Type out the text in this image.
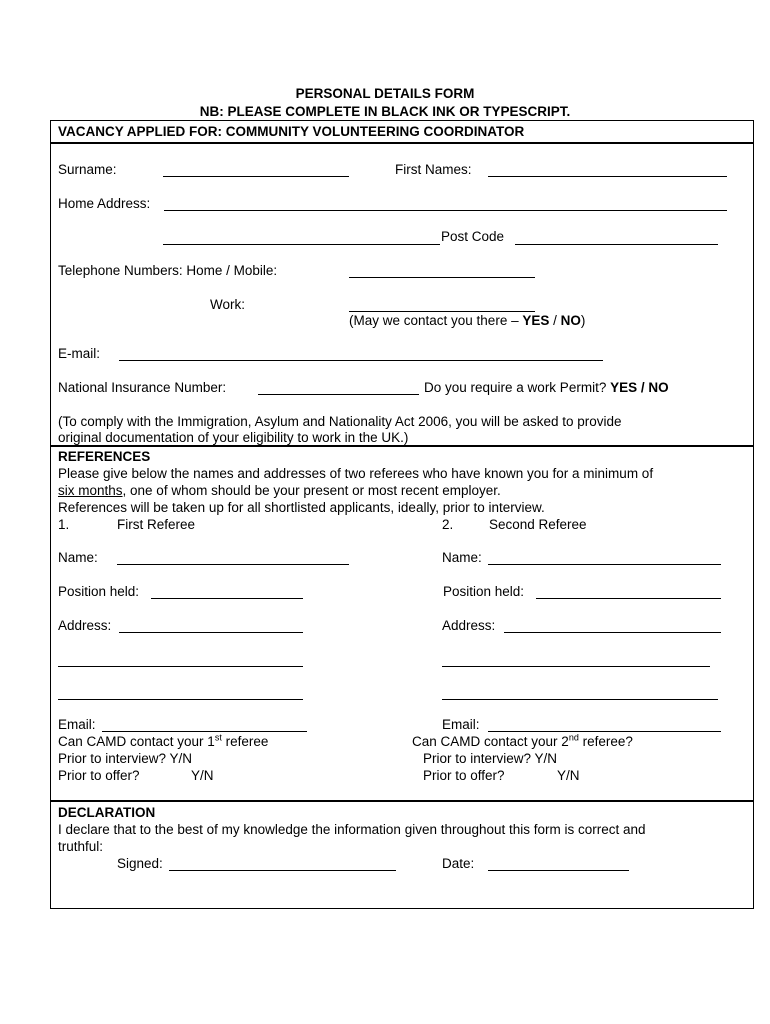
PERSONAL DETAILS FORM
NB: PLEASE COMPLETE IN BLACK INK OR TYPESCRIPT.
VACANCY APPLIED FOR: COMMUNITY VOLUNTEERING COORDINATOR
Surname:	First Names:
Home Address:
Post Code
Telephone Numbers: Home / Mobile:
Work:
(May we contact you there – YES / NO)
E-mail:
National Insurance Number:	Do you require a work Permit? YES / NO
(To comply with the Immigration, Asylum and Nationality Act 2006, you will be asked to provide
original documentation of your eligibility to work in the UK.)
REFERENCES
Please give below the names and addresses of two referees who have known you for a minimum of
six months, one of whom should be your present or most recent employer.
References will be taken up for all shortlisted applicants, ideally, prior to interview.
1.	First Referee
Name:
Position held:
Address:
Email:
Can CAMD contact your 1st referee
Prior to interview? Y/N
Prior to offer?	Y/N
2.	Second Referee
Name:
Position held:
Address:
Email:
Can CAMD contact your 2nd referee?
Prior to interview? Y/N
Prior to offer?	Y/N
DECLARATION
I declare that to the best of my knowledge the information given throughout this form is correct and
truthful:
Signed:	Date:
